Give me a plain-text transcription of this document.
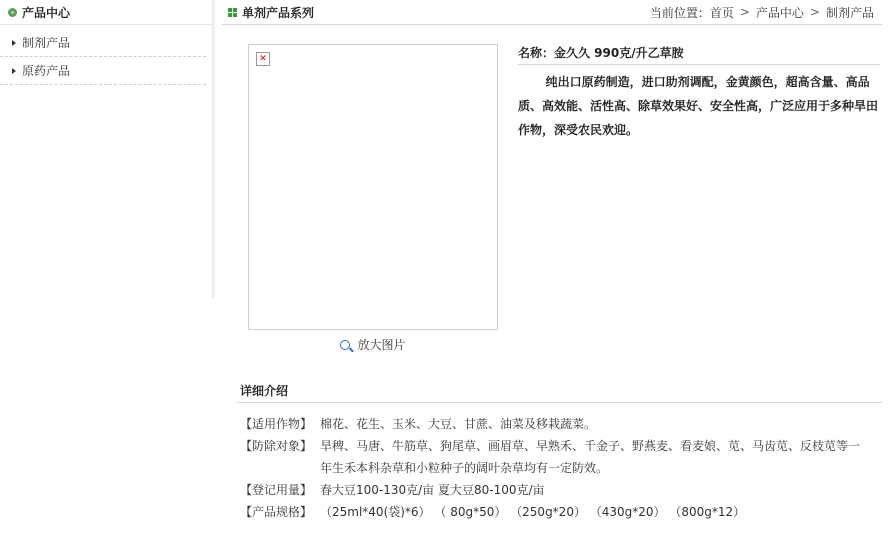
产品中心
制剂产品
原药产品
单剂产品系列	当前位置： 首页 > 产品中心 > 制剂产品
✕
放大图片
名称：金久久 990克/升乙草胺
纯出口原药制造，进口助剂调配，金黄颜色，超高含量、高品质、高效能、活性高、除草效果好、安全性高，广泛应用于多种旱田作物，深受农民欢迎。
详细介绍
【适用作物】	棉花、花生、玉米、大豆、甘蔗、油菜及移栽蔬菜。
【防除对象】	旱稗、马唐、牛筋草、狗尾草、画眉草、早熟禾、千金子、野燕麦、看麦娘、苋、马齿苋、反枝苋等一年生禾本科杂草和小粒种子的阔叶杂草均有一定防效。
【登记用量】	春大豆100-130克/亩 夏大豆80-100克/亩
【产品规格】	（25ml*40(袋)*6） （ 80g*50） （250g*20） （430g*20） （800g*12）
